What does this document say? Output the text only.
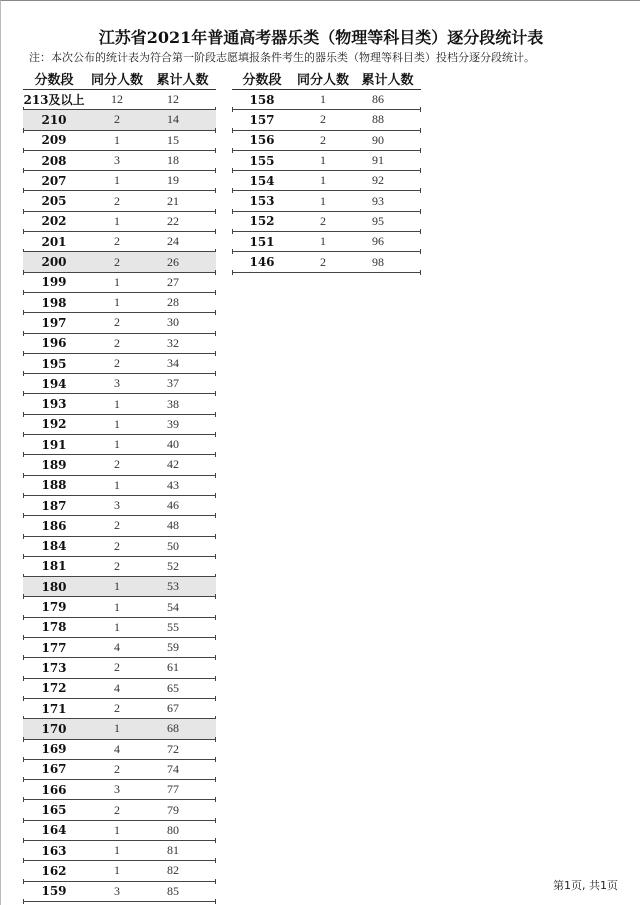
江苏省2021年普通高考器乐类（物理等科目类）逐分段统计表
注：本次公布的统计表为符合第一阶段志愿填报条件考生的器乐类（物理等科目类）投档分逐分段统计。
分数段	同分人数	累计人数
213及以上	12	12
210	2	14
209	1	15
208	3	18
207	1	19
205	2	21
202	1	22
201	2	24
200	2	26
199	1	27
198	1	28
197	2	30
196	2	32
195	2	34
194	3	37
193	1	38
192	1	39
191	1	40
189	2	42
188	1	43
187	3	46
186	2	48
184	2	50
181	2	52
180	1	53
179	1	54
178	1	55
177	4	59
173	2	61
172	4	65
171	2	67
170	1	68
169	4	72
167	2	74
166	3	77
165	2	79
164	1	80
163	1	81
162	1	82
159	3	85
分数段	同分人数 累计人数
158	1	86
157	2	88
156	2	90
155	1	91
154	1	92
153	1	93
152	2	95
151	1	96
146	2	98
第1页, 共1页
